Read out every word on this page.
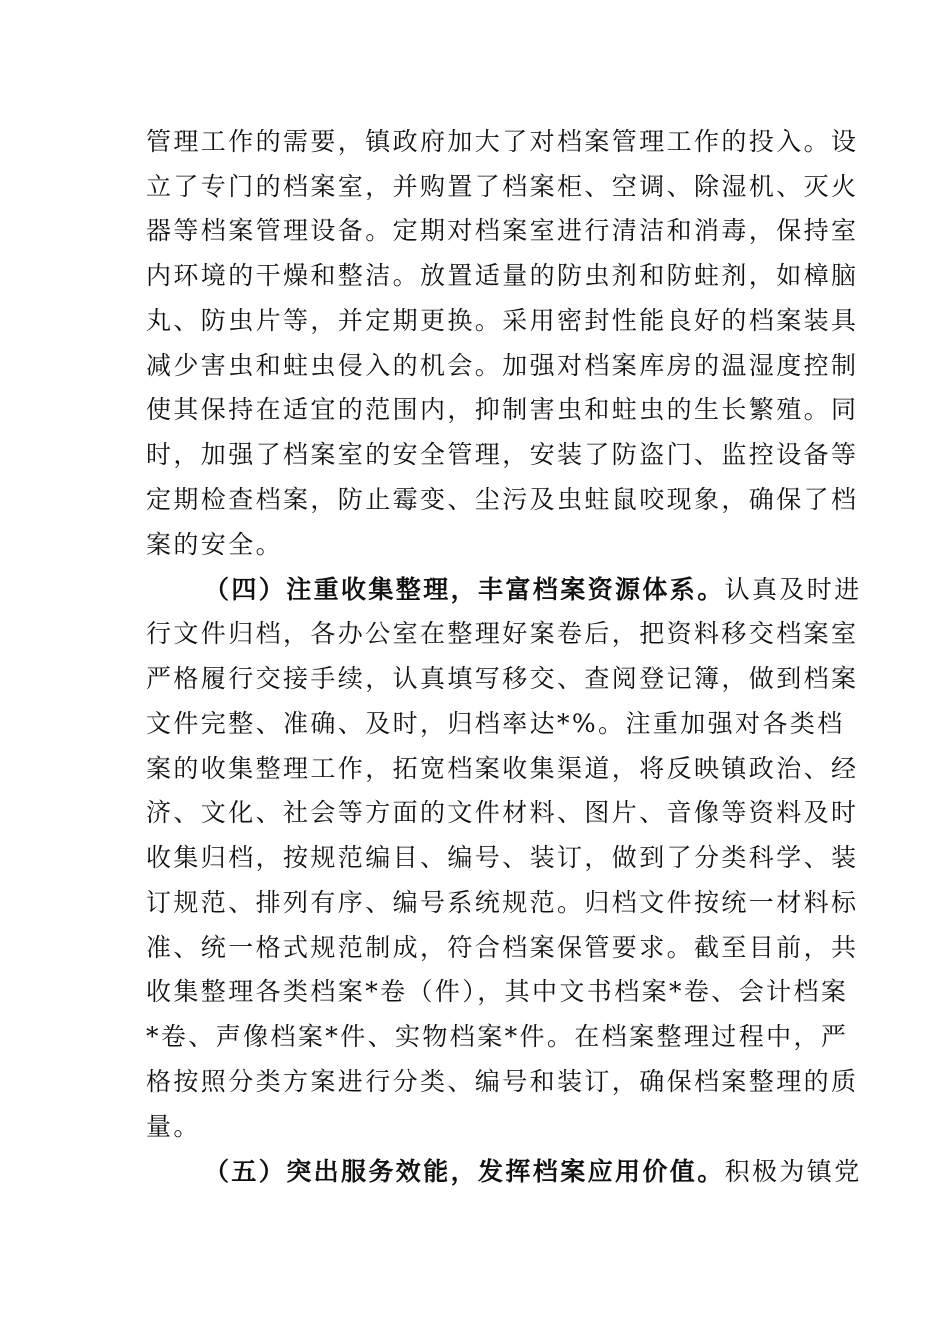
管理工作的需要，镇政府加大了对档案管理工作的投入。设
立了专门的档案室，并购置了档案柜、空调、除湿机、灭火
器等档案管理设备。定期对档案室进行清洁和消毒，保持室
内环境的干燥和整洁。放置适量的防虫剂和防蛀剂，如樟脑
丸、防虫片等，并定期更换。采用密封性能良好的档案装具
减少害虫和蛀虫侵入的机会。加强对档案库房的温湿度控制
使其保持在适宜的范围内，抑制害虫和蛀虫的生长繁殖。同
时，加强了档案室的安全管理，安装了防盗门、监控设备等
定期检查档案，防止霉变、尘污及虫蛀鼠咬现象，确保了档
案的安全。
（四）注重收集整理，丰富档案资源体系。认真及时进
行文件归档，各办公室在整理好案卷后，把资料移交档案室
严格履行交接手续，认真填写移交、查阅登记簿，做到档案
文件完整、准确、及时，归档率达*%。注重加强对各类档
案的收集整理工作，拓宽档案收集渠道，将反映镇政治、经
济、文化、社会等方面的文件材料、图片、音像等资料及时
收集归档，按规范编目、编号、装订，做到了分类科学、装
订规范、排列有序、编号系统规范。归档文件按统一材料标
准、统一格式规范制成，符合档案保管要求。截至目前，共
收集整理各类档案*卷（件），其中文书档案*卷、会计档案
*卷、声像档案*件、实物档案*件。在档案整理过程中，严
格按照分类方案进行分类、编号和装订，确保档案整理的质
量。
（五）突出服务效能，发挥档案应用价值。积极为镇党
